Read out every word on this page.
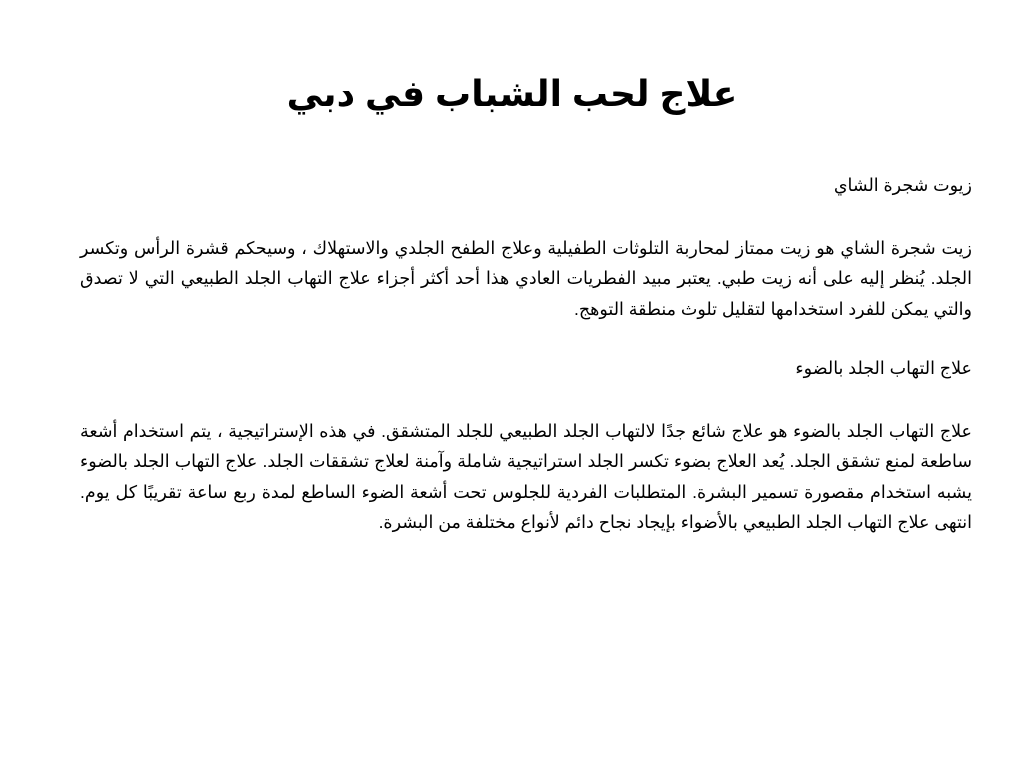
علاج لحب الشباب في دبي

زيوت شجرة الشاي

زيت شجرة الشاي هو زيت ممتاز لمحاربة التلوثات الطفيلية وعلاج الطفح الجلدي والاستهلاك ، وسيحكم قشرة الرأس وتكسر الجلد. يُنظر إليه على أنه زيت طبي. يعتبر مبيد الفطريات العادي هذا أحد أكثر أجزاء علاج التهاب الجلد الطبيعي التي لا تصدق والتي يمكن للفرد استخدامها لتقليل تلوث منطقة التوهج.

علاج التهاب الجلد بالضوء

علاج التهاب الجلد بالضوء هو علاج شائع جدًا لالتهاب الجلد الطبيعي للجلد المتشقق. في هذه الإستراتيجية ، يتم استخدام أشعة ساطعة لمنع تشقق الجلد. يُعد العلاج بضوء تكسر الجلد استراتيجية شاملة وآمنة لعلاج تشققات الجلد. علاج التهاب الجلد بالضوء يشبه استخدام مقصورة تسمير البشرة. المتطلبات الفردية للجلوس تحت أشعة الضوء الساطع لمدة ربع ساعة تقريبًا كل يوم. انتهى علاج التهاب الجلد الطبيعي بالأضواء بإيجاد نجاح دائم لأنواع مختلفة من البشرة.
